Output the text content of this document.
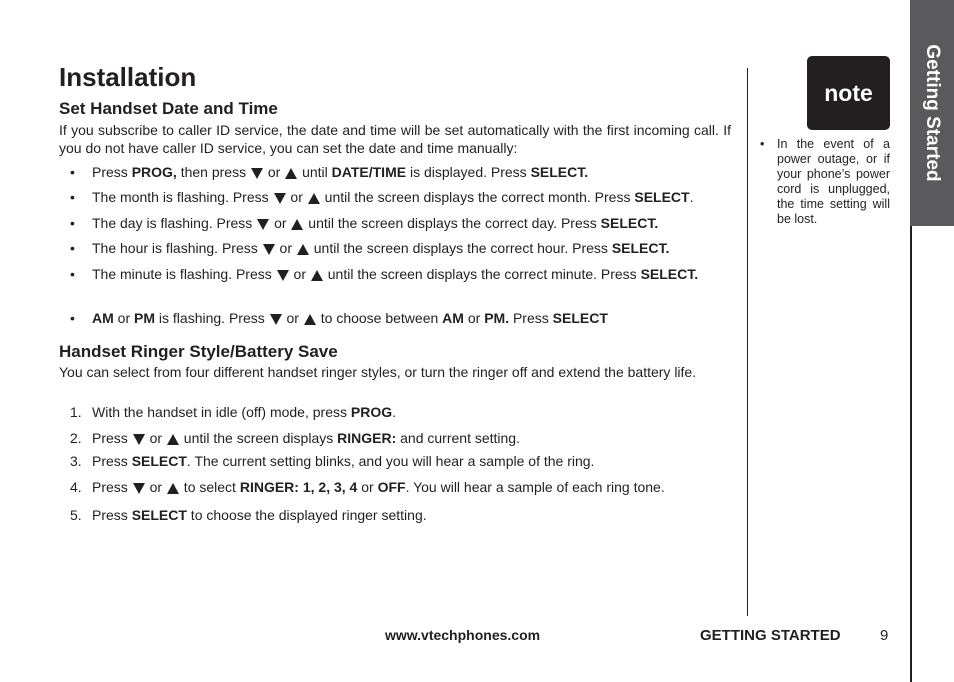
Installation
Set Handset Date and Time

If you subscribe to caller ID service, the date and time will be set automatically with the first incoming call. If you do not have caller ID service, you can set the date and time manually:

•	Press PROG, then press  or  until DATE/TIME is displayed. Press SELECT.
•	The month is flashing. Press  or  until the screen displays the correct month. Press SELECT.
•	The day is flashing. Press  or  until the screen displays the correct day. Press SELECT.
•	The hour is flashing. Press  or  until the screen displays the correct hour. Press SELECT.
•	The minute is flashing. Press  or  until the screen displays the correct minute. Press SELECT.
•	AM or PM is flashing. Press  or  to choose between AM or PM. Press SELECT
Handset Ringer Style/Battery Save

You can select from four different handset ringer styles, or turn the ringer off and extend the battery life.

1. With the handset in idle (off) mode, press PROG.
2. Press  or  until the screen displays RINGER: and current setting.
3. Press SELECT. The current setting blinks, and you will hear a sample of the ring.
4. Press  or  to select RINGER: 1, 2, 3, 4 or OFF. You will hear a sample of each ring tone.
5. Press SELECT to choose the displayed ringer setting.
note
•	In the event of a power outage, or if your phone’s power cord is unplugged, the time setting will be lost.
Getting Started
www.vtechphones.com	GETTING STARTED	9
